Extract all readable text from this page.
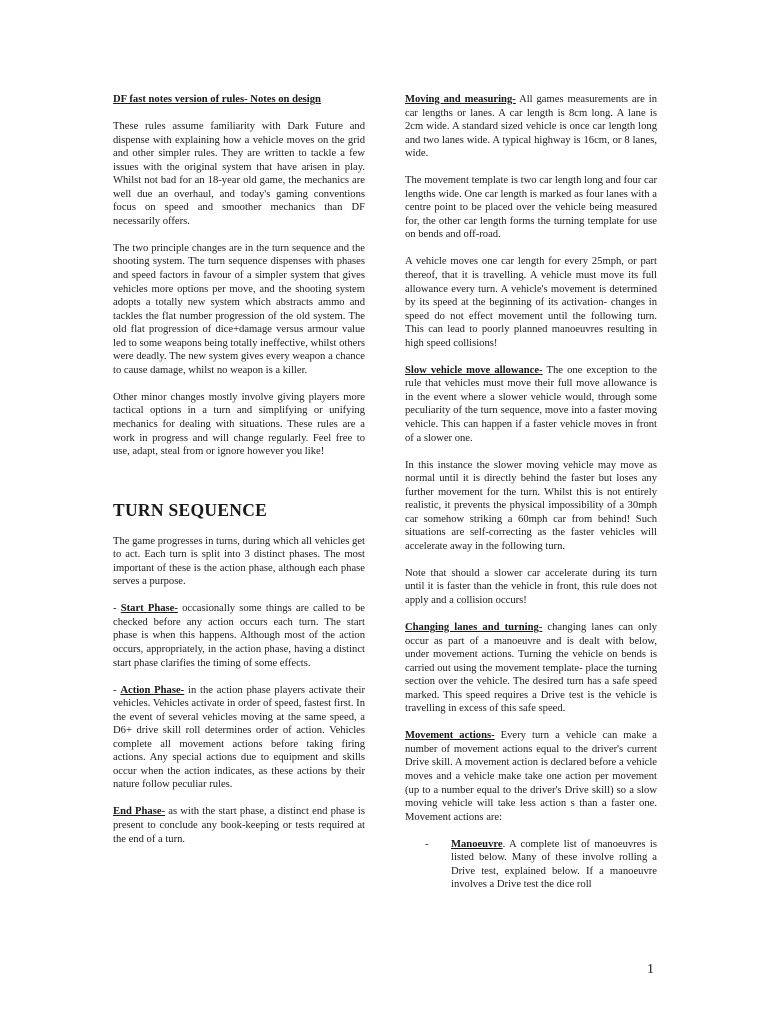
DF fast notes version of rules- Notes on design

These rules assume familiarity with Dark Future and dispense with explaining how a vehicle moves on the grid and other simpler rules. They are written to tackle a few issues with the original system that have arisen in play. Whilst not bad for an 18-year old game, the mechanics are well due an overhaul, and today's gaming conventions focus on speed and smoother mechanics than DF necessarily offers.

The two principle changes are in the turn sequence and the shooting system. The turn sequence dispenses with phases and speed factors in favour of a simpler system that gives vehicles more options per move, and the shooting system adopts a totally new system which abstracts ammo and tackles the flat number progression of the old system. The old flat progression of dice+damage versus armour value led to some weapons being totally ineffective, whilst others were deadly. The new system gives every weapon a chance to cause damage, whilst no weapon is a killer.

Other minor changes mostly involve giving players more tactical options in a turn and simplifying or unifying mechanics for dealing with situations. These rules are a work in progress and will change regularly. Feel free to use, adapt, steal from or ignore however you like!

TURN SEQUENCE

The game progresses in turns, during which all vehicles get to act. Each turn is split into 3 distinct phases. The most important of these is the action phase, although each phase serves a purpose.

- Start Phase- occasionally some things are called to be checked before any action occurs each turn. The start phase is when this happens. Although most of the action occurs, appropriately, in the action phase, having a distinct start phase clarifies the timing of some effects.

- Action Phase- in the action phase players activate their vehicles. Vehicles activate in order of speed, fastest first. In the event of several vehicles moving at the same speed, a D6+ drive skill roll determines order of action. Vehicles complete all movement actions before taking firing actions. Any special actions due to equipment and skills occur when the action indicates, as these actions by their nature follow peculiar rules.

End Phase- as with the start phase, a distinct end phase is present to conclude any book-keeping or tests required at the end of a turn.

Moving and measuring- All games measurements are in car lengths or lanes. A car length is 8cm long. A lane is 2cm wide. A standard sized vehicle is once car length long and two lanes wide. A typical highway is 16cm, or 8 lanes, wide.

The movement template is two car length long and four car lengths wide. One car length is marked as four lanes with a centre point to be placed over the vehicle being measured for, the other car length forms the turning template for use on bends and off-road.

A vehicle moves one car length for every 25mph, or part thereof, that it is travelling. A vehicle must move its full allowance every turn. A vehicle's movement is determined by its speed at the beginning of its activation- changes in speed do not effect movement until the following turn. This can lead to poorly planned manoeuvres resulting in high speed collisions!

Slow vehicle move allowance- The one exception to the rule that vehicles must move their full move allowance is in the event where a slower vehicle would, through some peculiarity of the turn sequence, move into a faster moving vehicle. This can happen if a faster vehicle moves in front of a slower one.

In this instance the slower moving vehicle may move as normal until it is directly behind the faster but loses any further movement for the turn. Whilst this is not entirely realistic, it prevents the physical impossibility of a 30mph car somehow striking a 60mph car from behind! Such situations are self-correcting as the faster vehicles will accelerate away in the following turn.

Note that should a slower car accelerate during its turn until it is faster than the vehicle in front, this rule does not apply and a collision occurs!

Changing lanes and turning- changing lanes can only occur as part of a manoeuvre and is dealt with below, under movement actions. Turning the vehicle on bends is carried out using the movement template- place the turning section over the vehicle. The desired turn has a safe speed marked. This speed requires a Drive test is the vehicle is travelling in excess of this safe speed.

Movement actions- Every turn a vehicle can make a number of movement actions equal to the driver's current Drive skill. A movement action is declared before a vehicle moves and a vehicle make take one action per movement (up to a number equal to the driver's Drive skill) so a slow moving vehicle will take less action s than a faster one. Movement actions are:

-	Manoeuvre. A complete list of manoeuvres is listed below. Many of these involve rolling a Drive test, explained below. If a manoeuvre involves a Drive test the dice roll
1
